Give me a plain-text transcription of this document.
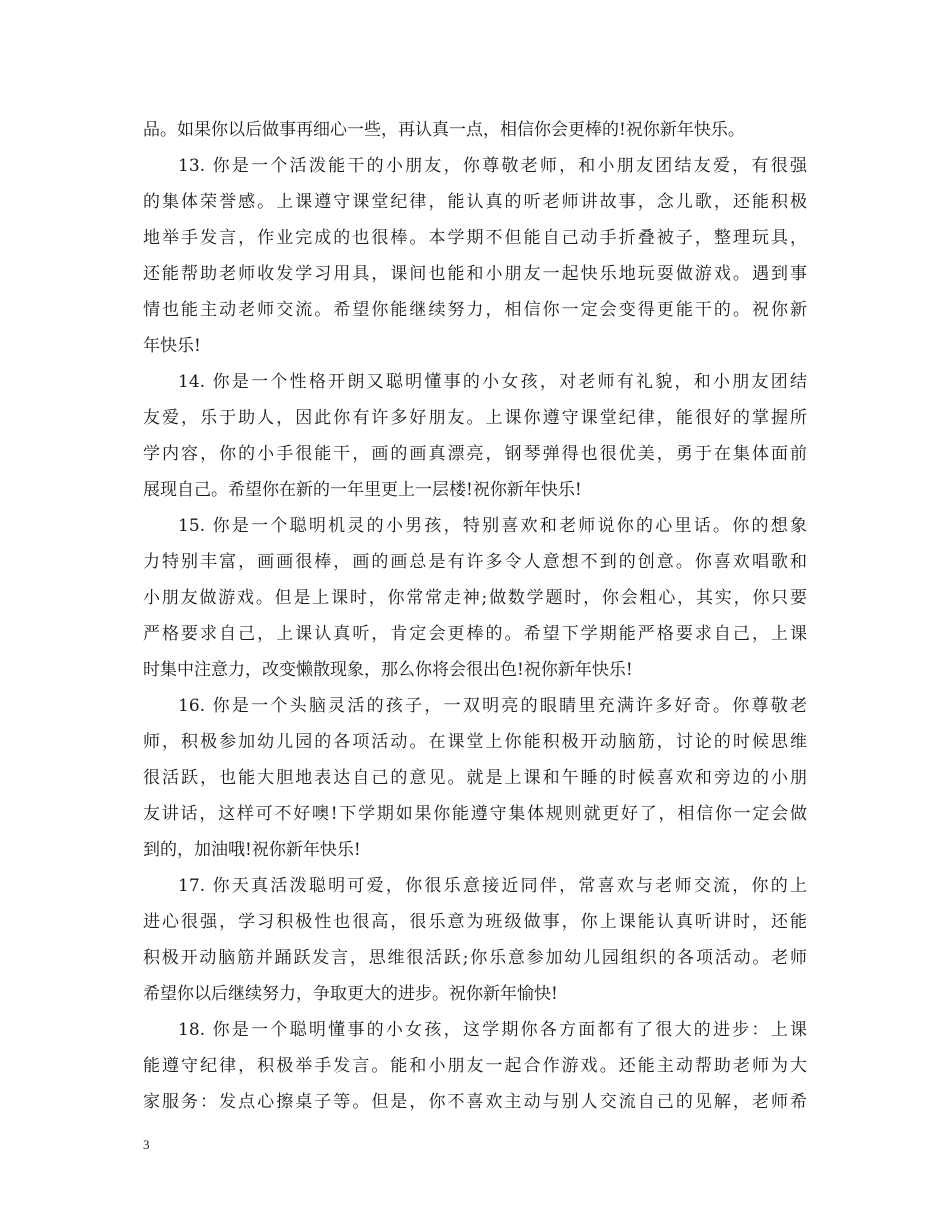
品。如果你以后做事再细心一些，再认真一点，相信你会更棒的!祝你新年快乐。
13. 你是一个活泼能干的小朋友，你尊敬老师，和小朋友团结友爱，有很强
的集体荣誉感。上课遵守课堂纪律，能认真的听老师讲故事，念儿歌，还能积极
地举手发言，作业完成的也很棒。本学期不但能自己动手折叠被子，整理玩具，
还能帮助老师收发学习用具，课间也能和小朋友一起快乐地玩耍做游戏。遇到事
情也能主动老师交流。希望你能继续努力，相信你一定会变得更能干的。祝你新
年快乐!
14. 你是一个性格开朗又聪明懂事的小女孩，对老师有礼貌，和小朋友团结
友爱，乐于助人，因此你有许多好朋友。上课你遵守课堂纪律，能很好的掌握所
学内容，你的小手很能干，画的画真漂亮，钢琴弹得也很优美，勇于在集体面前
展现自己。希望你在新的一年里更上一层楼!祝你新年快乐!
15. 你是一个聪明机灵的小男孩，特别喜欢和老师说你的心里话。你的想象
力特别丰富，画画很棒，画的画总是有许多令人意想不到的创意。你喜欢唱歌和
小朋友做游戏。但是上课时，你常常走神;做数学题时，你会粗心，其实，你只要
严格要求自己，上课认真听，肯定会更棒的。希望下学期能严格要求自己，上课
时集中注意力，改变懒散现象，那么你将会很出色!祝你新年快乐!
16. 你是一个头脑灵活的孩子，一双明亮的眼睛里充满许多好奇。你尊敬老
师，积极参加幼儿园的各项活动。在课堂上你能积极开动脑筋，讨论的时候思维
很活跃，也能大胆地表达自己的意见。就是上课和午睡的时候喜欢和旁边的小朋
友讲话，这样可不好噢!下学期如果你能遵守集体规则就更好了，相信你一定会做
到的，加油哦!祝你新年快乐!
17. 你天真活泼聪明可爱，你很乐意接近同伴，常喜欢与老师交流，你的上
进心很强，学习积极性也很高，很乐意为班级做事，你上课能认真听讲时，还能
积极开动脑筋并踊跃发言，思维很活跃;你乐意参加幼儿园组织的各项活动。老师
希望你以后继续努力，争取更大的进步。祝你新年愉快!
18. 你是一个聪明懂事的小女孩，这学期你各方面都有了很大的进步：上课
能遵守纪律，积极举手发言。能和小朋友一起合作游戏。还能主动帮助老师为大
家服务：发点心擦桌子等。但是，你不喜欢主动与别人交流自己的见解，老师希
3
